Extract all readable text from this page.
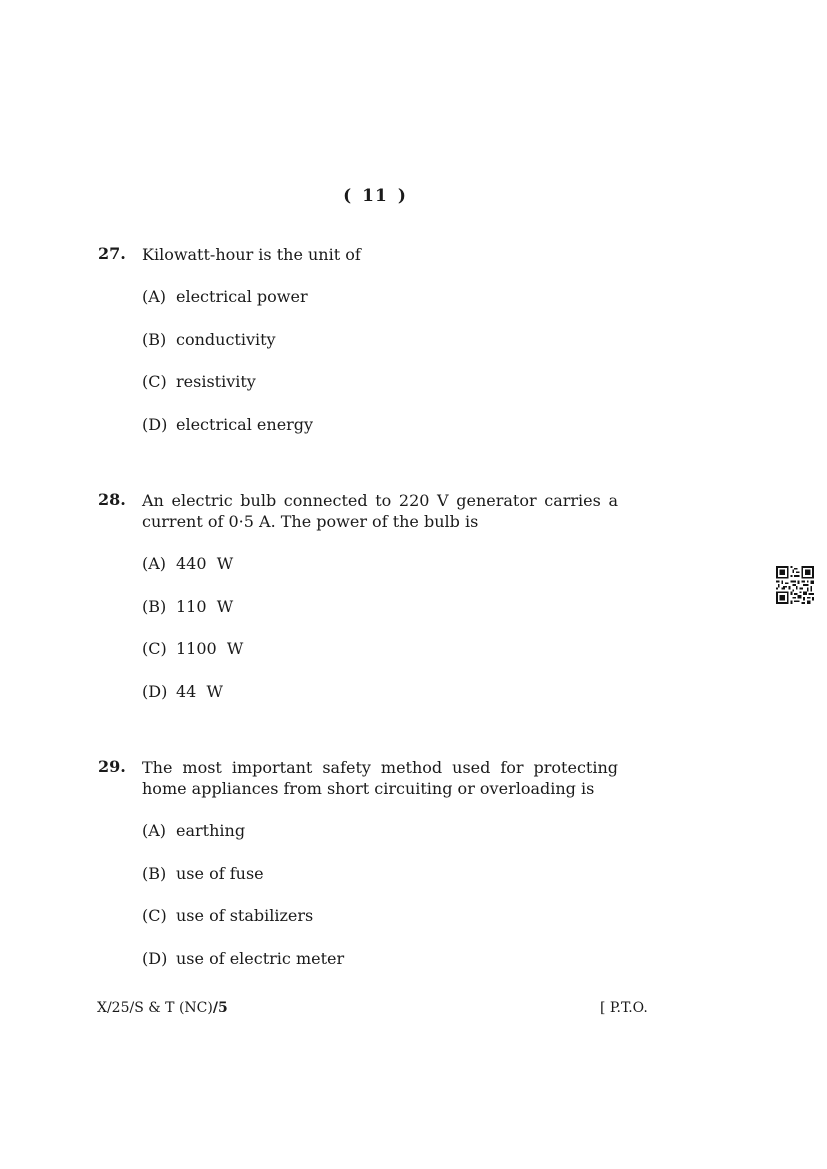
( 11 )
27. Kilowatt-hour is the unit of
(A) electrical power
(B) conductivity
(C) resistivity
(D) electrical energy
28. An electric bulb connected to 220 V generator carries a current of 0·5 A. The power of the bulb is
(A) 440  W
(B) 110  W
(C) 1100  W
(D) 44  W
29. The most important safety method used for protecting home appliances from short circuiting or overloading is
(A) earthing
(B) use of fuse
(C) use of stabilizers
(D) use of electric meter
X/25/S & T (NC)/5	[ P.T.O.
